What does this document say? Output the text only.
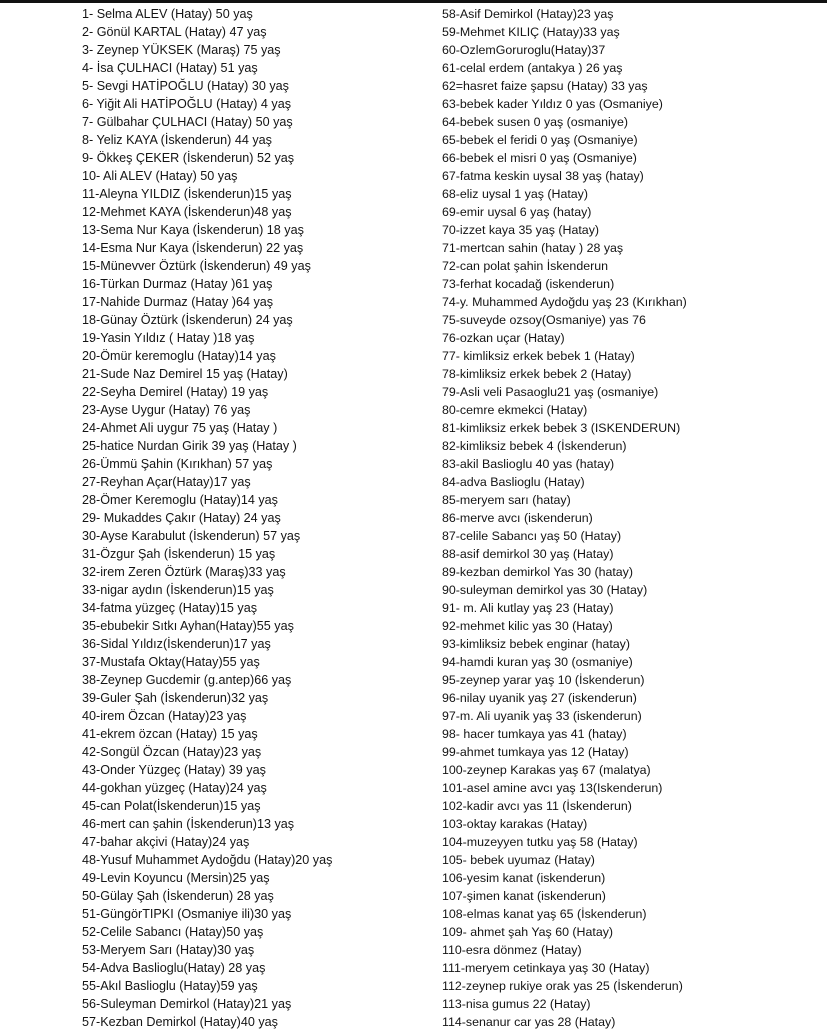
1- Selma ALEV (Hatay) 50 yaş
2- Gönül KARTAL (Hatay) 47 yaş
3- Zeynep YÜKSEK (Maraş) 75 yaş
4- İsa ÇULHACI (Hatay) 51 yaş
5- Sevgi HATİPOĞLU (Hatay) 30 yaş
6- Yiğit Ali HATİPOĞLU (Hatay) 4 yaş
7- Gülbahar ÇULHACI (Hatay) 50 yaş
8- Yeliz KAYA (İskenderun) 44 yaş
9- Ökkeş ÇEKER (İskenderun) 52 yaş
10- Ali ALEV (Hatay) 50 yaş
11-Aleyna YILDIZ (İskenderun)15 yaş
12-Mehmet KAYA (İskenderun)48 yaş
13-Sema Nur Kaya (İskenderun) 18 yaş
14-Esma Nur Kaya (İskenderun) 22 yaş
15-Münevver Öztürk (İskenderun) 49 yaş
16-Türkan Durmaz (Hatay )61 yaş
17-Nahide Durmaz (Hatay )64 yaş
18-Günay Öztürk (İskenderun) 24 yaş
19-Yasin Yıldız ( Hatay )18 yaş
20-Ömür keremoglu (Hatay)14 yaş
21-Sude Naz Demirel 15 yaş (Hatay)
22-Seyha Demirel (Hatay) 19 yaş
23-Ayse Uygur (Hatay) 76 yaş
24-Ahmet Ali uygur 75 yaş (Hatay )
25-hatice Nurdan Girik 39 yaş (Hatay )
26-Ümmü Şahin (Kırıkhan) 57 yaş
27-Reyhan Açar(Hatay)17 yaş
28-Ömer Keremoglu (Hatay)14 yaş
29- Mukaddes Çakır (Hatay) 24 yaş
30-Ayse Karabulut (İskenderun) 57 yaş
31-Özgur Şah (İskenderun) 15 yaş
32-irem Zeren Öztürk (Maraş)33 yaş
33-nigar aydın (İskenderun)15 yaş
34-fatma yüzgeç (Hatay)15 yaş
35-ebubekir Sıtkı Ayhan(Hatay)55 yaş
36-Sidal Yıldız(İskenderun)17 yaş
37-Mustafa Oktay(Hatay)55 yaş
38-Zeynep Gucdemir (g.antep)66 yaş
39-Guler Şah (İskenderun)32 yaş
40-irem Özcan (Hatay)23 yaş
41-ekrem özcan (Hatay) 15 yaş
42-Songül Özcan (Hatay)23 yaş
43-Onder Yüzgeç (Hatay) 39 yaş
44-gokhan yüzgeç (Hatay)24 yaş
45-can Polat(İskenderun)15 yaş
46-mert can şahin (İskenderun)13 yaş
47-bahar akçivi (Hatay)24 yaş
48-Yusuf Muhammet Aydoğdu (Hatay)20 yaş
49-Levin Koyuncu (Mersin)25 yaş
50-Gülay Şah (İskenderun) 28 yaş
51-GüngörTIPKI (Osmaniye ili)30 yaş
52-Celile Sabancı (Hatay)50 yaş
53-Meryem Sarı (Hatay)30 yaş
54-Adva Baslioglu(Hatay) 28 yaş
55-Akıl Baslioglu (Hatay)59 yaş
56-Suleyman Demirkol (Hatay)21 yaş
57-Kezban Demirkol (Hatay)40 yaş
58-Asif Demirkol (Hatay)23 yaş
59-Mehmet KILIÇ (Hatay)33 yaş
60-OzlemGoruroglu(Hatay)37
61-celal erdem (antakya ) 26 yaş
62=hasret faize şapsu (Hatay) 33 yaş
63-bebek kader Yıldız 0 yas (Osmaniye)
64-bebek susen 0 yaş (osmaniye)
65-bebek el feridi 0 yaş (Osmaniye)
66-bebek el misri 0 yaş (Osmaniye)
67-fatma keskin uysal 38 yaş (hatay)
68-eliz uysal 1 yaş (Hatay)
69-emir uysal 6 yaş (hatay)
70-izzet kaya 35 yaş (Hatay)
71-mertcan sahin (hatay ) 28 yaş
72-can polat şahin İskenderun
73-ferhat kocadağ (iskenderun)
74-y. Muhammed Aydoğdu yaş 23 (Kırıkhan)
75-suveyde ozsoy(Osmaniye) yas 76
76-ozkan uçar (Hatay)
77- kimliksiz erkek bebek 1 (Hatay)
78-kimliksiz erkek bebek 2 (Hatay)
79-Asli veli Pasaoglu21 yaş (osmaniye)
80-cemre ekmekci (Hatay)
81-kimliksiz erkek bebek 3 (ISKENDERUN)
82-kimliksiz bebek 4 (İskenderun)
83-akil Baslioglu 40 yas (hatay)
84-adva Baslioglu (Hatay)
85-meryem sarı (hatay)
86-merve avcı (iskenderun)
87-celile Sabancı yaş 50 (Hatay)
88-asif demirkol 30 yaş (Hatay)
89-kezban demirkol Yas 30 (hatay)
90-suleyman demirkol yas 30 (Hatay)
91- m. Ali kutlay yaş 23 (Hatay)
92-mehmet kilic yas 30 (Hatay)
93-kimliksiz bebek enginar (hatay)
94-hamdi kuran yaş 30 (osmaniye)
95-zeynep yarar yaş 10 (İskenderun)
96-nilay uyanik yaş 27 (iskenderun)
97-m. Ali uyanik yaş 33 (iskenderun)
98- hacer tumkaya yas 41 (hatay)
99-ahmet tumkaya yas 12 (Hatay)
100-zeynep Karakas yaş 67 (malatya)
101-asel amine avcı yaş 13(Iskenderun)
102-kadir avcı yas 11 (İskenderun)
103-oktay karakas (Hatay)
104-muzeyyen tutku yaş 58 (Hatay)
105- bebek uyumaz (Hatay)
106-yesim kanat (iskenderun)
107-şimen kanat (iskenderun)
108-elmas kanat yaş 65 (İskenderun)
109- ahmet şah Yaş 60 (Hatay)
110-esra dönmez (Hatay)
111-meryem cetinkaya yaş 30 (Hatay)
112-zeynep rukiye orak yas 25 (İskenderun)
113-nisa gumus 22 (Hatay)
114-senanur car yas 28 (Hatay)
